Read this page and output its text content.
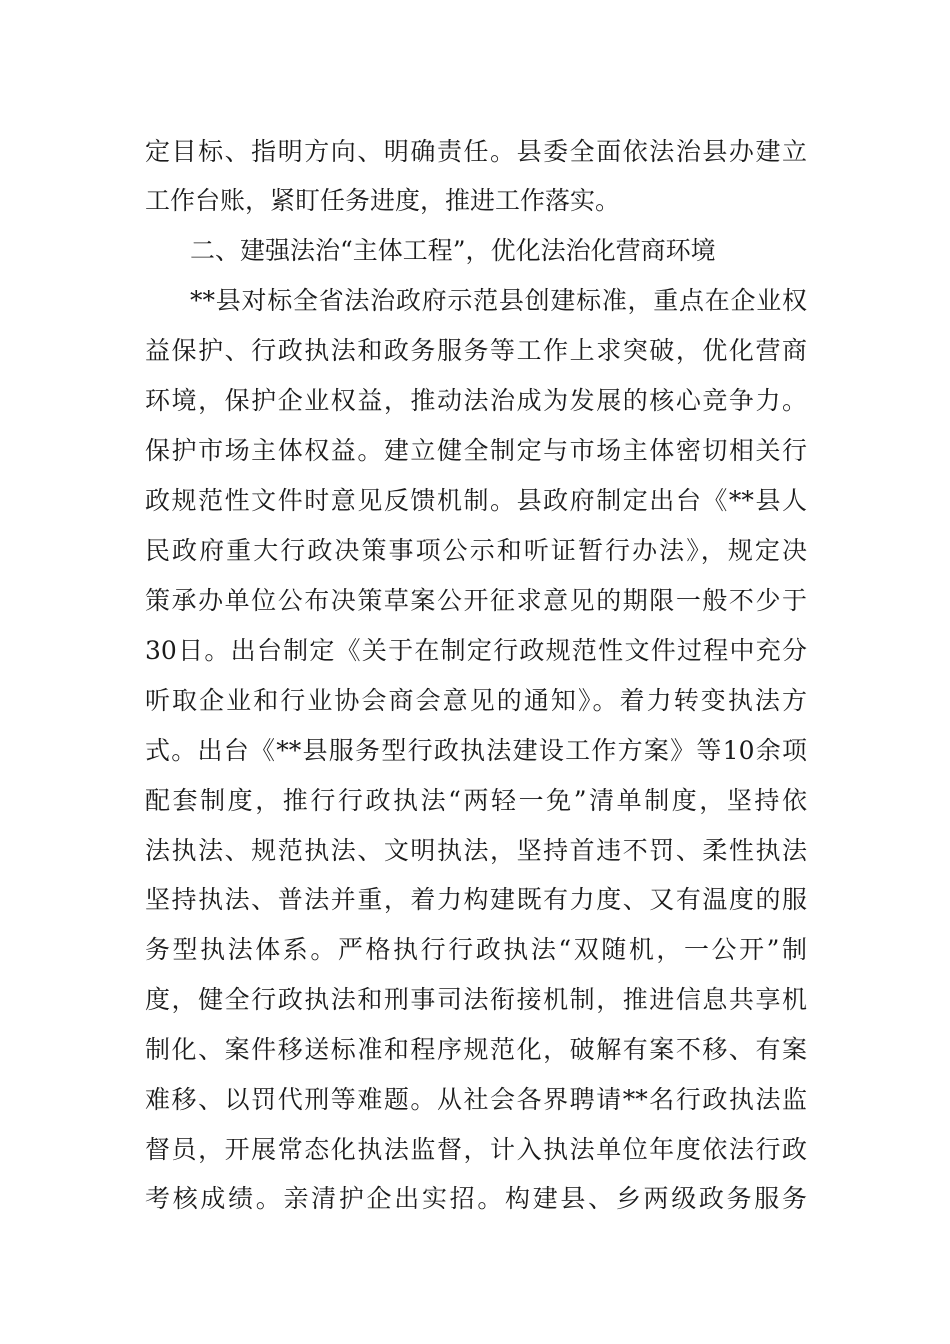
定目标、指明方向、明确责任。县委全面依法治县办建立
工作台账，紧盯任务进度，推进工作落实。
二、建强法治“主体工程”，优化法治化营商环境
**县对标全省法治政府示范县创建标准，重点在企业权
益保护、行政执法和政务服务等工作上求突破，优化营商
环境，保护企业权益，推动法治成为发展的核心竞争力。
保护市场主体权益。建立健全制定与市场主体密切相关行
政规范性文件时意见反馈机制。县政府制定出台《**县人
民政府重大行政决策事项公示和听证暂行办法》，规定决
策承办单位公布决策草案公开征求意见的期限一般不少于
30日。出台制定《关于在制定行政规范性文件过程中充分
听取企业和行业协会商会意见的通知》。着力转变执法方
式。出台《**县服务型行政执法建设工作方案》等10余项
配套制度，推行行政执法“两轻一免”清单制度，坚持依
法执法、规范执法、文明执法，坚持首违不罚、柔性执法
坚持执法、普法并重，着力构建既有力度、又有温度的服
务型执法体系。严格执行行政执法“双随机，一公开”制
度，健全行政执法和刑事司法衔接机制，推进信息共享机
制化、案件移送标准和程序规范化，破解有案不移、有案
难移、以罚代刑等难题。从社会各界聘请**名行政执法监
督员，开展常态化执法监督，计入执法单位年度依法行政
考核成绩。亲清护企出实招。构建县、乡两级政务服务
